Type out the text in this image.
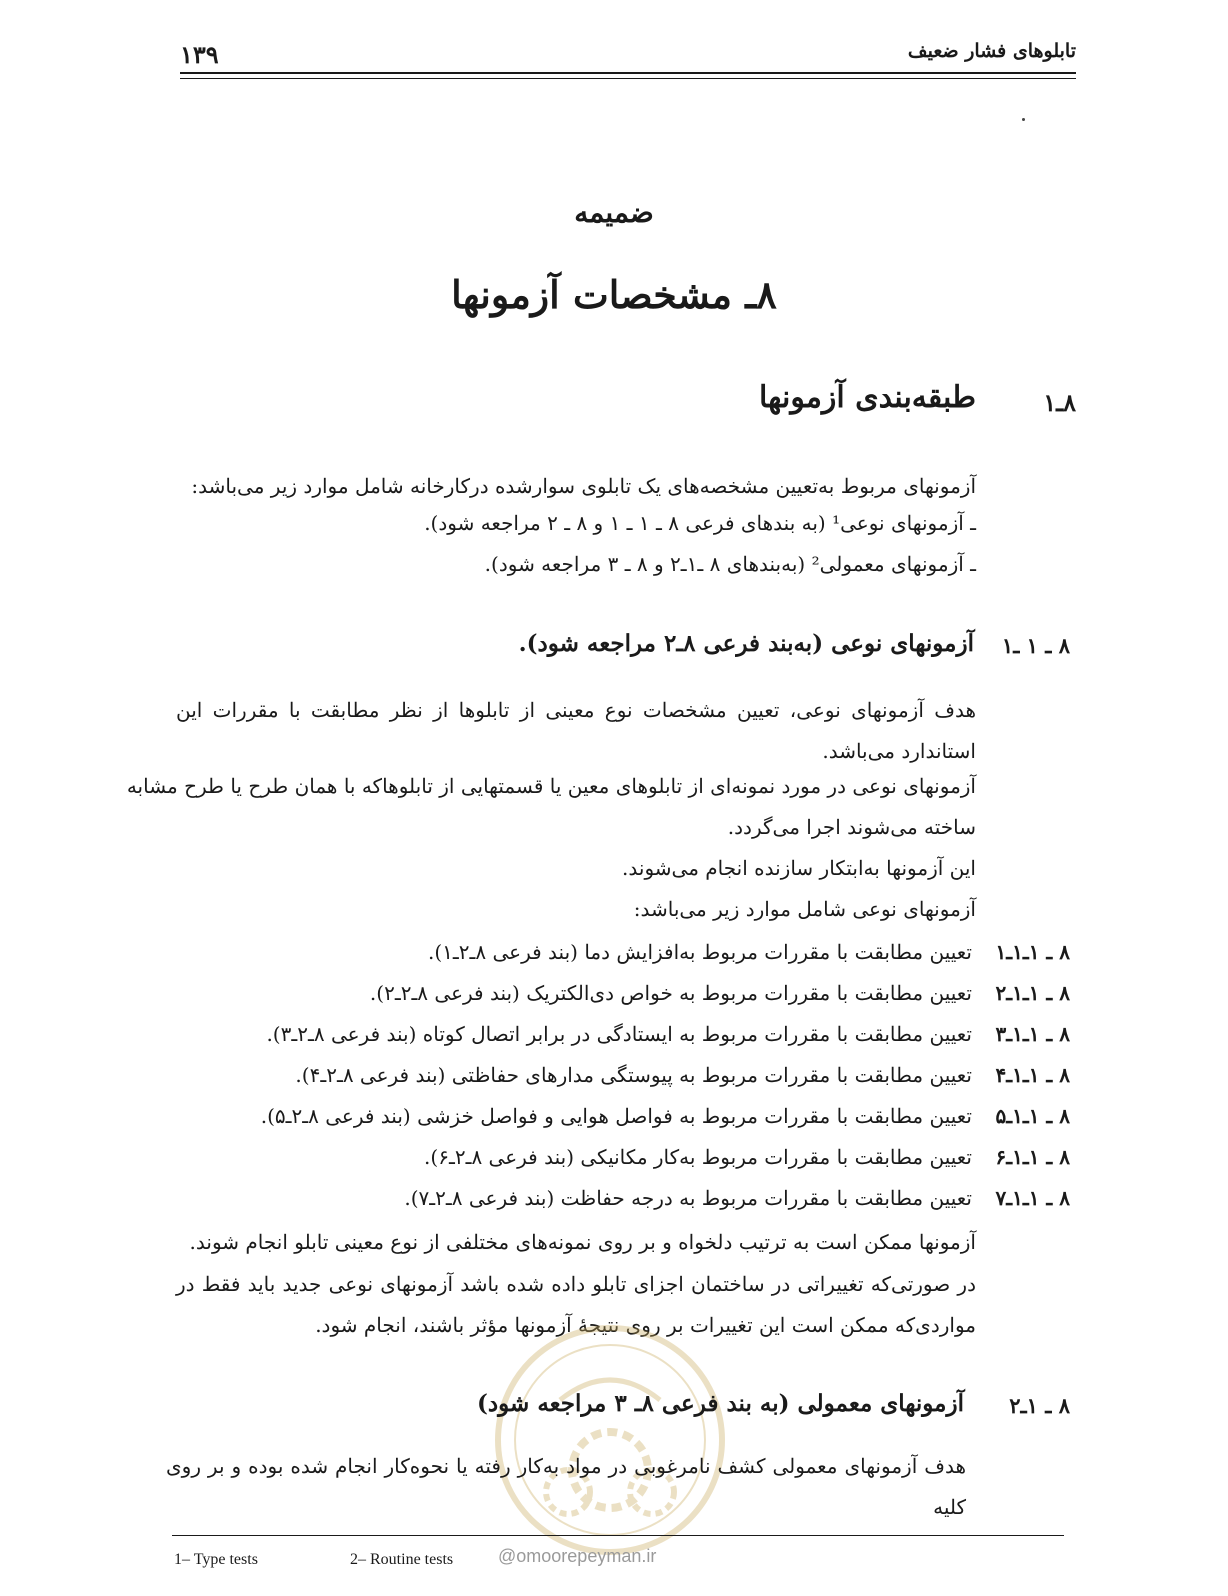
تابلوهای فشار ضعیف
۱۳۹
ضمیمه
۸ـ مشخصات آزمونها
۸ـ۱
طبقه‌بندی آزمونها
آزمونهای مربوط به‌تعیین مشخصه‌های یک تابلوی سوارشده درکارخانه شامل موارد زیر می‌باشد:
ـ آزمونهای نوعی¹ (به بندهای فرعی ۸ ـ ۱ ـ ۱ و ۸ ـ ۲ مراجعه شود).
ـ آزمونهای معمولی² (به‌بندهای ۸ ـ۱ـ۲ و ۸ ـ ۳ مراجعه شود).
۸ ـ ۱ ـ۱
آزمونهای نوعی (به‌بند فرعی ۸ـ۲ مراجعه شود).
هدف آزمونهای نوعی، تعیین مشخصات نوع معینی از تابلوها از نظر مطابقت با مقررات این استاندارد می‌باشد.
آزمونهای نوعی در مورد نمونه‌ای از تابلوهای معین یا قسمتهایی از تابلوهاکه با همان طرح یا طرح مشابه
ساخته می‌شوند اجرا می‌گردد.
این آزمونها به‌ابتکار سازنده انجام می‌شوند.
آزمونهای نوعی شامل موارد زیر می‌باشد:
۸ ـ ۱ـ۱ـ۱
تعیین مطابقت با مقررات مربوط به‌افزایش دما (بند فرعی ۸ـ۲ـ۱).
۸ ـ ۱ـ۱ـ۲
تعیین مطابقت با مقررات مربوط به خواص دی‌الکتریک (بند فرعی ۸ـ۲ـ۲).
۸ ـ ۱ـ۱ـ۳
تعیین مطابقت با مقررات مربوط به ایستادگی در برابر اتصال کوتاه (بند فرعی ۸ـ۲ـ۳).
۸ ـ ۱ـ۱ـ۴
تعیین مطابقت با مقررات مربوط به پیوستگی مدارهای حفاظتی (بند فرعی ۸ـ۲ـ۴).
۸ ـ ۱ـ۱ـ۵
تعیین مطابقت با مقررات مربوط به فواصل هوایی و فواصل خزشی (بند فرعی ۸ـ۲ـ۵).
۸ ـ ۱ـ۱ـ۶
تعیین مطابقت با مقررات مربوط به‌کار مکانیکی (بند فرعی ۸ـ۲ـ۶).
۸ ـ ۱ـ۱ـ۷
تعیین مطابقت با مقررات مربوط به درجه حفاظت (بند فرعی ۸ـ۲ـ۷).
آزمونها ممکن است به ترتیب دلخواه و بر روی نمونه‌های مختلفی از نوع معینی تابلو انجام شوند.
در صورتی‌که تغییراتی در ساختمان اجزای تابلو داده شده باشد آزمونهای نوعی جدید باید فقط در مواردی‌که ممکن است این تغییرات بر روی نتیجهٔ آزمونها مؤثر باشند، انجام شود.
۸ ـ ۱ـ۲
آزمونهای معمولی (به بند فرعی ۸ـ ۳ مراجعه شود)
هدف آزمونهای معمولی کشف نامرغوبی در مواد به‌کار رفته یا نحوه‌کار انجام شده بوده و بر روی کلیه
1– Type tests	2– Routine tests @omoorepeyman.ir
